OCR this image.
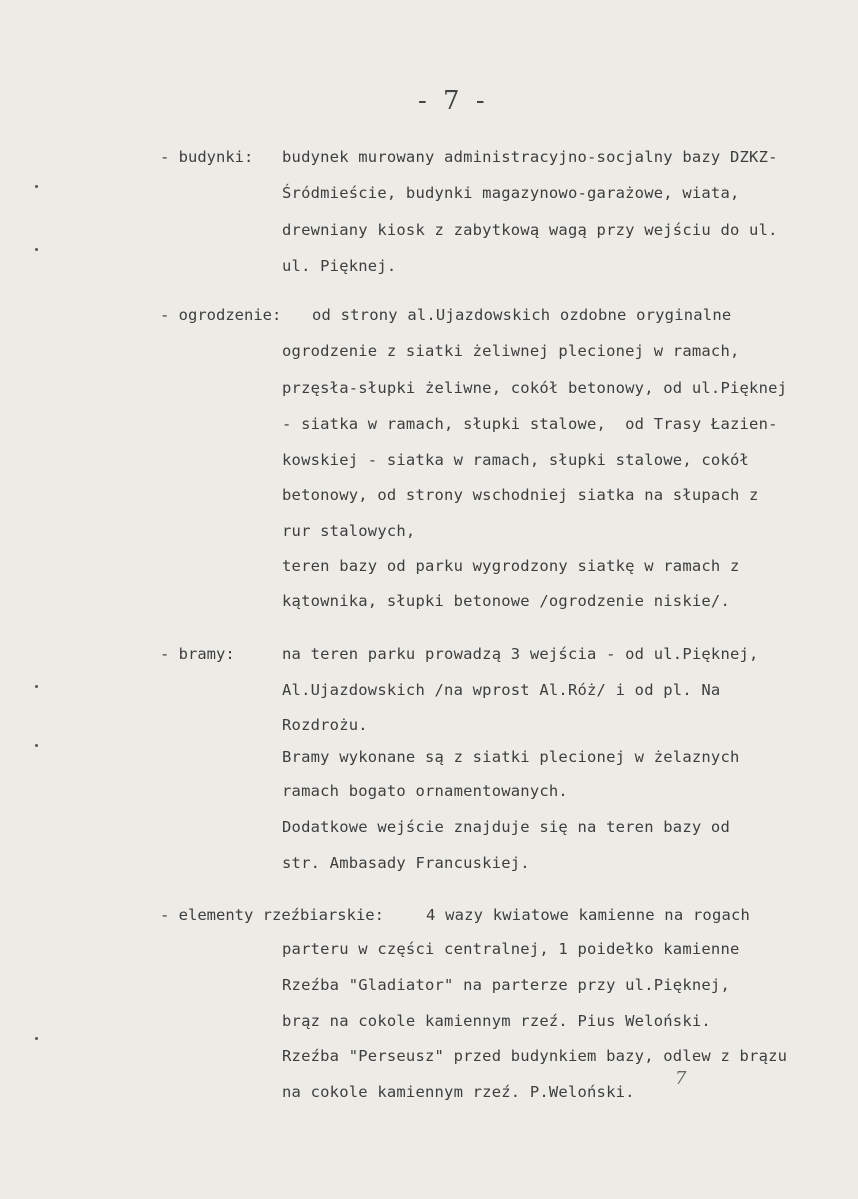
- 7 -
- budynki: budynek murowany administracyjno-socjalny bazy DZKZ-
Śródmieście, budynki magazynowo-garażowe, wiata,
drewniany kiosk z zabytkową wagą przy wejściu do ul.
ul. Pięknej.
- ogrodzenie: od strony al.Ujazdowskich ozdobne oryginalne
ogrodzenie z siatki żeliwnej plecionej w ramach,
przęsła-słupki żeliwne, cokół betonowy, od ul.Pięknej
- siatka w ramach, słupki stalowe,  od Trasy Łazien-
kowskiej - siatka w ramach, słupki stalowe, cokół
betonowy, od strony wschodniej siatka na słupach z
rur stalowych,
teren bazy od parku wygrodzony siatkę w ramach z
kątownika, słupki betonowe /ogrodzenie niskie/.
- bramy:	na teren parku prowadzą 3 wejścia - od ul.Pięknej,
Al.Ujazdowskich /na wprost Al.Róż/ i od pl. Na
Rozdrożu.
Bramy wykonane są z siatki plecionej w żelaznych
ramach bogato ornamentowanych.
Dodatkowe wejście znajduje się na teren bazy od
str. Ambasady Francuskiej.
- elementy rzeźbiarskie:	4 wazy kwiatowe kamienne na rogach
parteru w części centralnej, 1 poidełko kamienne
Rzeźba "Gladiator" na parterze przy ul.Pięknej,
brąz na cokole kamiennym rzeź. Pius Weloński.
Rzeźba "Perseusz" przed budynkiem bazy, odlew z brązu
na cokole kamiennym rzeź. P.Weloński.
7
